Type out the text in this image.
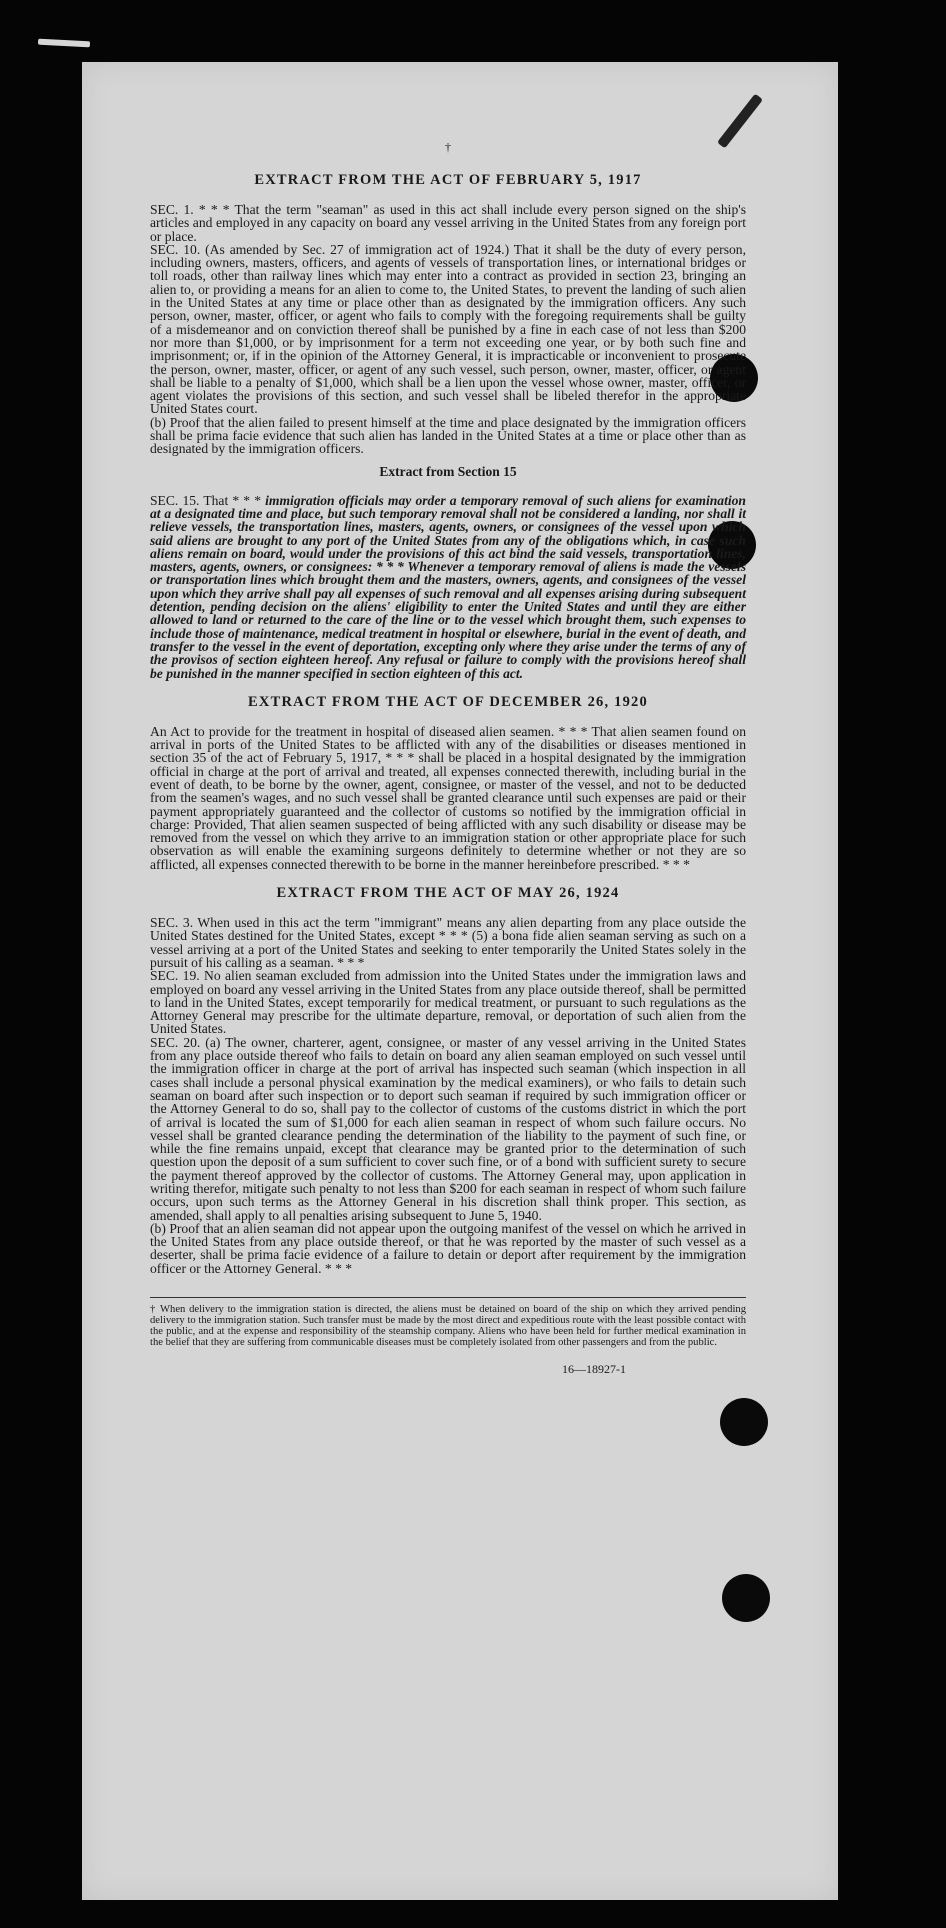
†
EXTRACT FROM THE ACT OF FEBRUARY 5, 1917

SEC. 1. * * * That the term "seaman" as used in this act shall include every person signed on the ship's articles and employed in any capacity on board any vessel arriving in the United States from any foreign port or place.

SEC. 10. (As amended by Sec. 27 of immigration act of 1924.) That it shall be the duty of every person, including owners, masters, officers, and agents of vessels of transportation lines, or international bridges or toll roads, other than railway lines which may enter into a contract as provided in section 23, bringing an alien to, or providing a means for an alien to come to, the United States, to prevent the landing of such alien in the United States at any time or place other than as designated by the immigration officers. Any such person, owner, master, officer, or agent who fails to comply with the foregoing requirements shall be guilty of a misdemeanor and on conviction thereof shall be punished by a fine in each case of not less than $200 nor more than $1,000, or by imprisonment for a term not exceeding one year, or by both such fine and imprisonment; or, if in the opinion of the Attorney General, it is impracticable or inconvenient to prosecute the person, owner, master, officer, or agent of any such vessel, such person, owner, master, officer, or agent shall be liable to a penalty of $1,000, which shall be a lien upon the vessel whose owner, master, officer, or agent violates the provisions of this section, and such vessel shall be libeled therefor in the appropriate United States court.

(b) Proof that the alien failed to present himself at the time and place designated by the immigration officers shall be prima facie evidence that such alien has landed in the United States at a time or place other than as designated by the immigration officers.

Extract from Section 15

SEC. 15. That * * * immigration officials may order a temporary removal of such aliens for examination at a designated time and place, but such temporary removal shall not be considered a landing, nor shall it relieve vessels, the transportation lines, masters, agents, owners, or consignees of the vessel upon which said aliens are brought to any port of the United States from any of the obligations which, in case such aliens remain on board, would under the provisions of this act bind the said vessels, transportation lines, masters, agents, owners, or consignees: * * * Whenever a temporary removal of aliens is made the vessels or transportation lines which brought them and the masters, owners, agents, and consignees of the vessel upon which they arrive shall pay all expenses of such removal and all expenses arising during subsequent detention, pending decision on the aliens' eligibility to enter the United States and until they are either allowed to land or returned to the care of the line or to the vessel which brought them, such expenses to include those of maintenance, medical treatment in hospital or elsewhere, burial in the event of death, and transfer to the vessel in the event of deportation, excepting only where they arise under the terms of any of the provisos of section eighteen hereof. Any refusal or failure to comply with the provisions hereof shall be punished in the manner specified in section eighteen of this act.

EXTRACT FROM THE ACT OF DECEMBER 26, 1920

An Act to provide for the treatment in hospital of diseased alien seamen. * * * That alien seamen found on arrival in ports of the United States to be afflicted with any of the disabilities or diseases mentioned in section 35 of the act of February 5, 1917, * * * shall be placed in a hospital designated by the immigration official in charge at the port of arrival and treated, all expenses connected therewith, including burial in the event of death, to be borne by the owner, agent, consignee, or master of the vessel, and not to be deducted from the seamen's wages, and no such vessel shall be granted clearance until such expenses are paid or their payment appropriately guaranteed and the collector of customs so notified by the immigration official in charge: Provided, That alien seamen suspected of being afflicted with any such disability or disease may be removed from the vessel on which they arrive to an immigration station or other appropriate place for such observation as will enable the examining surgeons definitely to determine whether or not they are so afflicted, all expenses connected therewith to be borne in the manner hereinbefore prescribed. * * *

EXTRACT FROM THE ACT OF MAY 26, 1924

SEC. 3. When used in this act the term "immigrant" means any alien departing from any place outside the United States destined for the United States, except * * * (5) a bona fide alien seaman serving as such on a vessel arriving at a port of the United States and seeking to enter temporarily the United States solely in the pursuit of his calling as a seaman. * * *

SEC. 19. No alien seaman excluded from admission into the United States under the immigration laws and employed on board any vessel arriving in the United States from any place outside thereof, shall be permitted to land in the United States, except temporarily for medical treatment, or pursuant to such regulations as the Attorney General may prescribe for the ultimate departure, removal, or deportation of such alien from the United States.

SEC. 20. (a) The owner, charterer, agent, consignee, or master of any vessel arriving in the United States from any place outside thereof who fails to detain on board any alien seaman employed on such vessel until the immigration officer in charge at the port of arrival has inspected such seaman (which inspection in all cases shall include a personal physical examination by the medical examiners), or who fails to detain such seaman on board after such inspection or to deport such seaman if required by such immigration officer or the Attorney General to do so, shall pay to the collector of customs of the customs district in which the port of arrival is located the sum of $1,000 for each alien seaman in respect of whom such failure occurs. No vessel shall be granted clearance pending the determination of the liability to the payment of such fine, or while the fine remains unpaid, except that clearance may be granted prior to the determination of such question upon the deposit of a sum sufficient to cover such fine, or of a bond with sufficient surety to secure the payment thereof approved by the collector of customs. The Attorney General may, upon application in writing therefor, mitigate such penalty to not less than $200 for each seaman in respect of whom such failure occurs, upon such terms as the Attorney General in his discretion shall think proper. This section, as amended, shall apply to all penalties arising subsequent to June 5, 1940.

(b) Proof that an alien seaman did not appear upon the outgoing manifest of the vessel on which he arrived in the United States from any place outside thereof, or that he was reported by the master of such vessel as a deserter, shall be prima facie evidence of a failure to detain or deport after requirement by the immigration officer or the Attorney General. * * *

† When delivery to the immigration station is directed, the aliens must be detained on board of the ship on which they arrived pending delivery to the immigration station. Such transfer must be made by the most direct and expeditious route with the least possible contact with the public, and at the expense and responsibility of the steamship company. Aliens who have been held for further medical examination in the belief that they are suffering from communicable diseases must be completely isolated from other passengers and from the public.

16—18927-1
